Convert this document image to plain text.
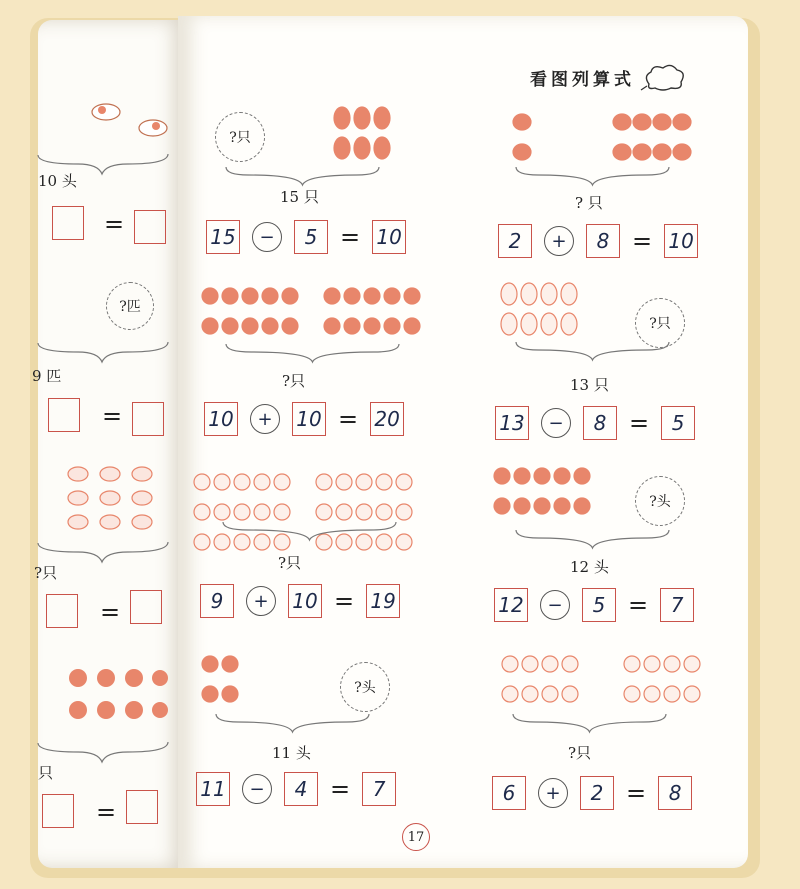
10 头
=
?匹
9 匹
=
?只
=
只
=
看图列算式
?只
15 只
15	−	5 = 10
? 只
2	+	8 = 10
?只
10	+	10 = 20
?只
13 只
13	−	8 =	5
?只
9	+	10 = 19
?头
12 头
12	−	5 =	7
?头
11 头
11	−	4 =	7
?只
6	+	2 =	8
17
